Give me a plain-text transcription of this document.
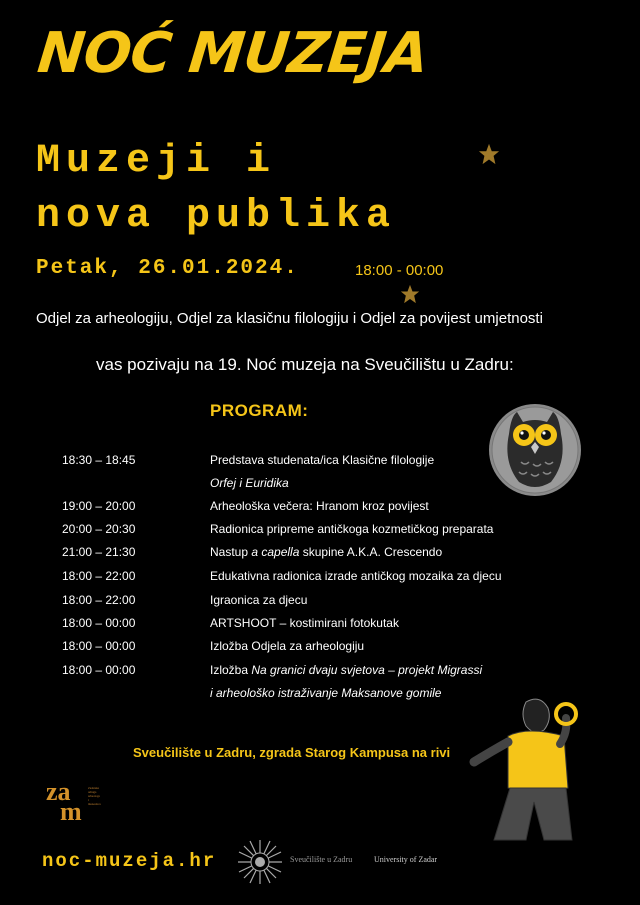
NOĆ MUZEJA
Muzeji i
nova publika
Petak, 26.01.2024.	18:00 - 00:00
Odjel za arheologiju, Odjel za klasičnu filologiju i Odjel za povijest umjetnosti
vas pozivaju na 19. Noć muzeja na Sveučilištu u Zadru:
PROGRAM:
18:30 – 18:45	Predstava studenata/ica Klasične filologije
Orfej i Euridika
19:00 – 20:00	Arheološka večera: Hranom kroz povijest
20:00 – 20:30	Radionica pripreme antičkoga kozmetičkog preparata
21:00 – 21:30	Nastup a capella skupine A.K.A. Crescendo
18:00 – 22:00	Edukativna radionica izrade antičkog mozaika za djecu
18:00 – 22:00	Igraonica za djecu
18:00 – 00:00	ARTSHOOT – kostimirani fotokutak
18:00 – 00:00	Izložba Odjela za arheologiju
18:00 – 00:00	Izložba Na granici dvaju svjetova – projekt Migrassi
i arheološko istraživanje Maksanove gomile
Sveučilište u Zadru, zgrada Starog Kampusa na rivi
za
m
Zadarska udruga arheologa i muzealaca
noc-muzeja.hr	Sveučilište u Zadru	University of Zadar
